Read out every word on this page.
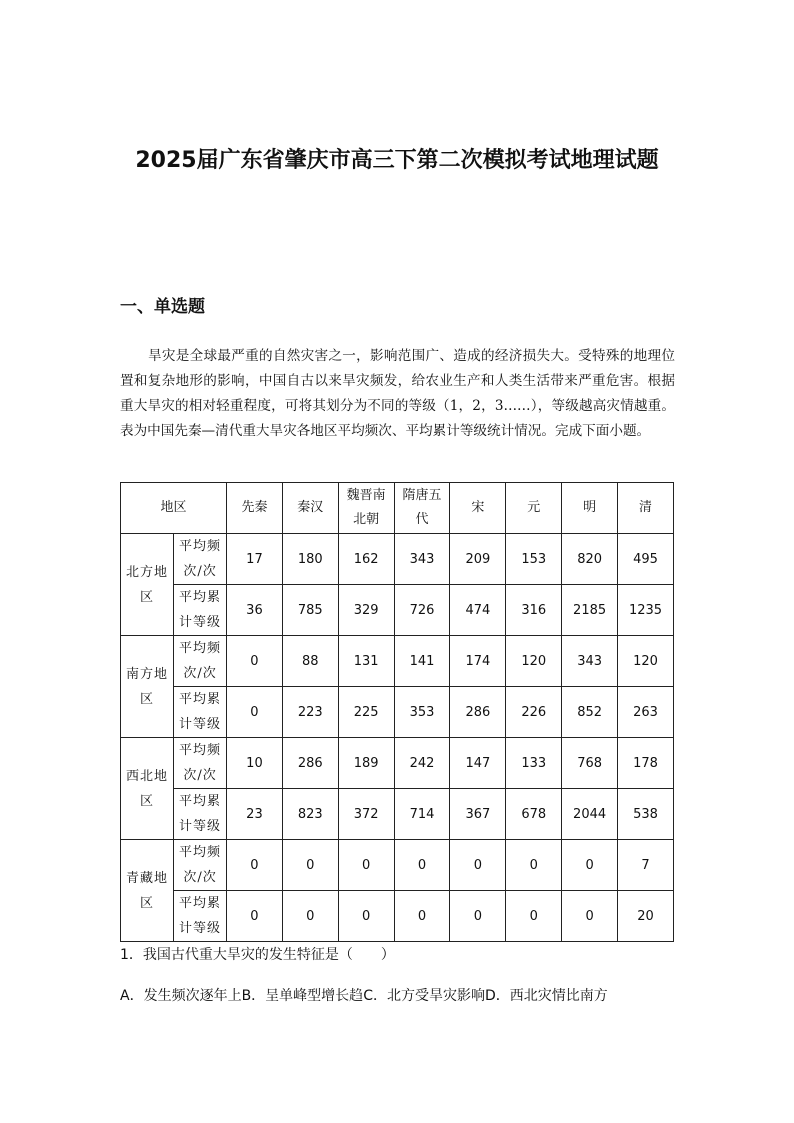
2025届广东省肇庆市高三下第二次模拟考试地理试题
一、单选题
旱灾是全球最严重的自然灾害之一，影响范围广、造成的经济损失大。受特殊的地理位置和复杂地形的影响，中国自古以来旱灾频发，给农业生产和人类生活带来严重危害。根据重大旱灾的相对轻重程度，可将其划分为不同的等级（1，2，3……），等级越高灾情越重。表为中国先秦—清代重大旱灾各地区平均频次、平均累计等级统计情况。完成下面小题。
地区		先秦	秦汉	魏晋南北朝	隋唐五代	宋	元	明	清
北方地区	平均频次/次	17	180	162	343	209	153	820	495
	平均累计等级	36	785	329	726	474	316	2185	1235
南方地区	平均频次/次	0	88	131	141	174	120	343	120
	平均累计等级	0	223	225	353	286	226	852	263
西北地区	平均频次/次	10	286	189	242	147	133	768	178
	平均累计等级	23	823	372	714	367	678	2044	538
青藏地区	平均频次/次	0	0	0	0	0	0	0	7
	平均累计等级	0	0	0	0	0	0	0	20
1．我国古代重大旱灾的发生特征是（　　）
A．发生频次逐年上B．呈单峰型增长趋C．北方受旱灾影响D．西北灾情比南方
